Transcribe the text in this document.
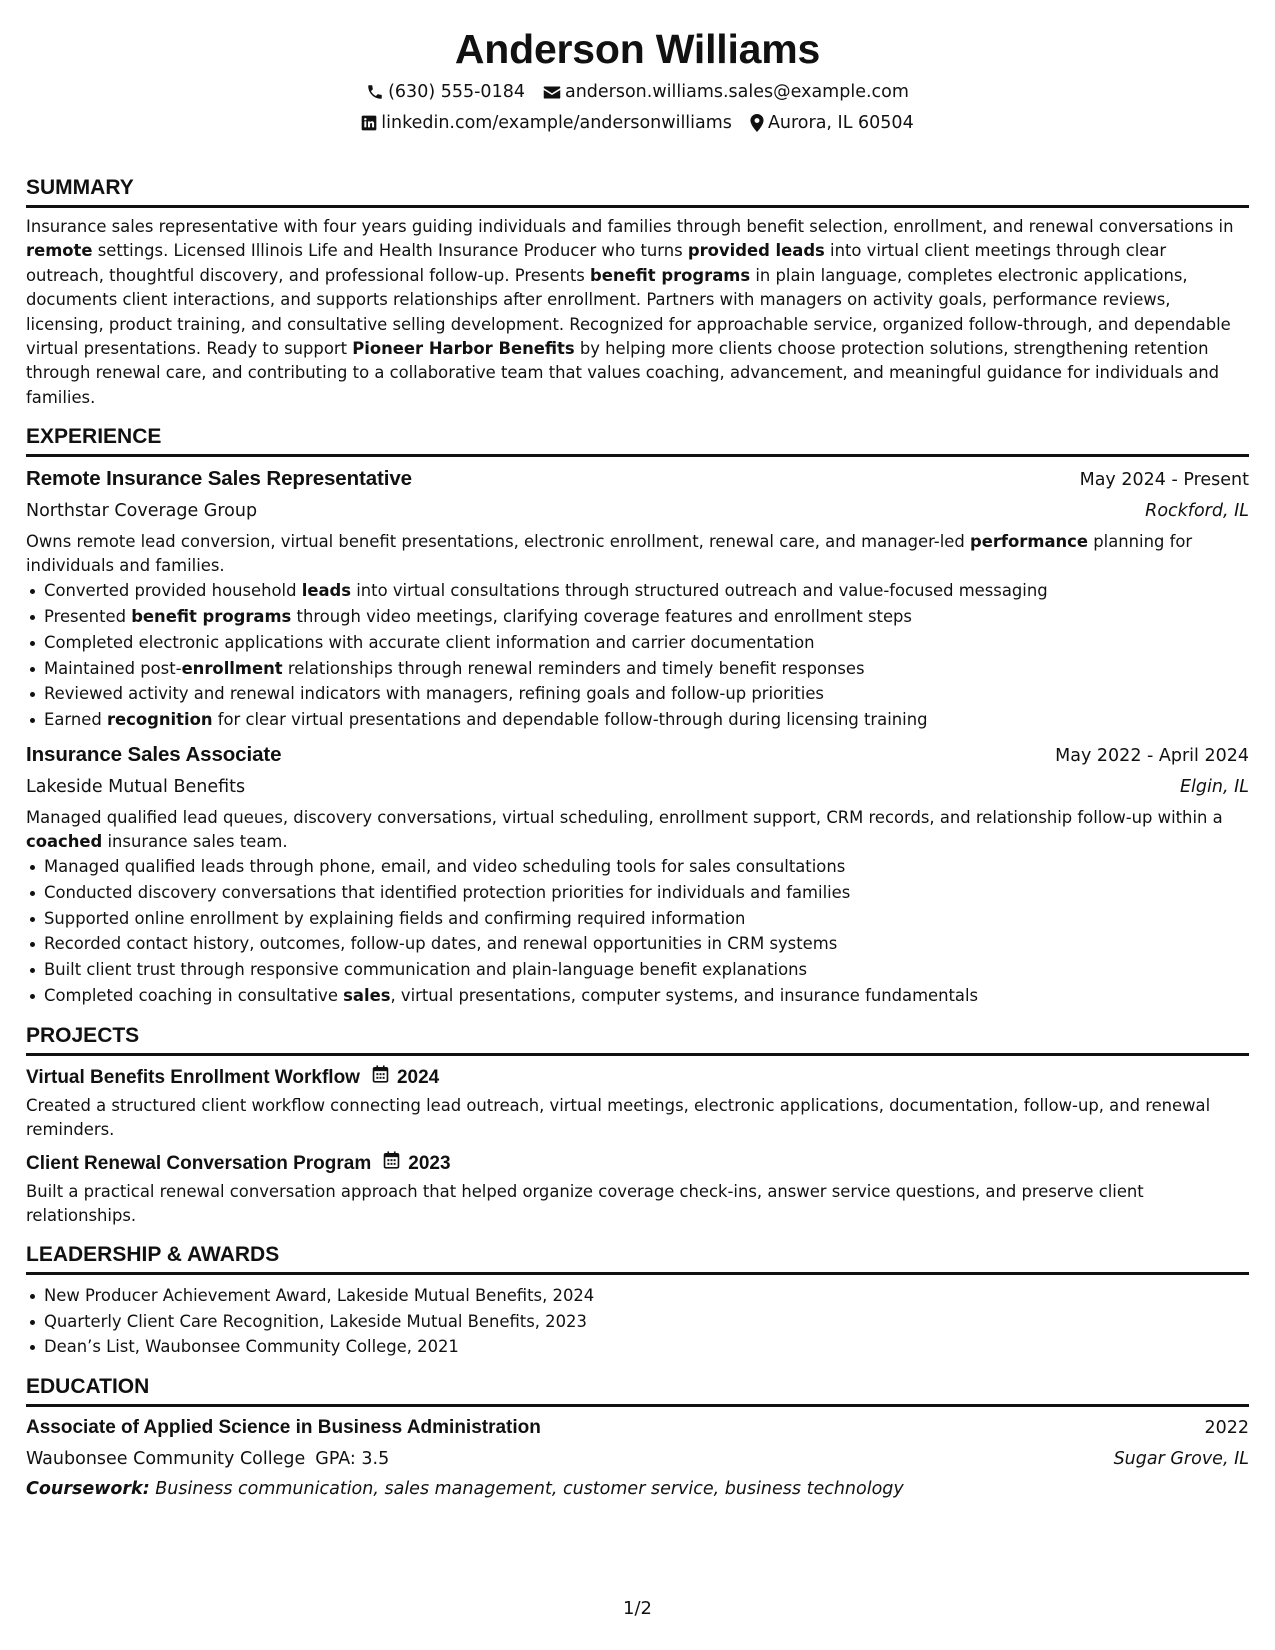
Anderson Williams
(630) 555-0184 anderson.williams.sales@example.com
linkedin.com/example/andersonwilliams Aurora, IL 60504
SUMMARY

Insurance sales representative with four years guiding individuals and families through benefit selection, enrollment, and renewal conversations in remote settings. Licensed Illinois Life and Health Insurance Producer who turns provided leads into virtual client meetings through clear outreach, thoughtful discovery, and professional follow-up. Presents benefit programs in plain language, completes electronic applications, documents client interactions, and supports relationships after enrollment. Partners with managers on activity goals, performance reviews, licensing, product training, and consultative selling development. Recognized for approachable service, organized follow-through, and dependable virtual presentations. Ready to support Pioneer Harbor Benefits by helping more clients choose protection solutions, strengthening retention through renewal care, and contributing to a collaborative team that values coaching, advancement, and meaningful guidance for individuals and families.

EXPERIENCE
Remote Insurance Sales Representative	May 2024 - Present
Northstar Coverage Group	Rockford, IL

Owns remote lead conversion, virtual benefit presentations, electronic enrollment, renewal care, and manager-led performance planning for individuals and families.

Converted provided household leads into virtual consultations through structured outreach and value-focused messaging
Presented benefit programs through video meetings, clarifying coverage features and enrollment steps
Completed electronic applications with accurate client information and carrier documentation
Maintained post-enrollment relationships through renewal reminders and timely benefit responses
Reviewed activity and renewal indicators with managers, refining goals and follow-up priorities
Earned recognition for clear virtual presentations and dependable follow-through during licensing training
Insurance Sales Associate	May 2022 - April 2024
Lakeside Mutual Benefits	Elgin, IL

Managed qualified lead queues, discovery conversations, virtual scheduling, enrollment support, CRM records, and relationship follow-up within a coached insurance sales team.

Managed qualified leads through phone, email, and video scheduling tools for sales consultations
Conducted discovery conversations that identified protection priorities for individuals and families
Supported online enrollment by explaining fields and confirming required information
Recorded contact history, outcomes, follow-up dates, and renewal opportunities in CRM systems
Built client trust through responsive communication and plain-language benefit explanations
Completed coaching in consultative sales, virtual presentations, computer systems, and insurance fundamentals
PROJECTS
Virtual Benefits Enrollment Workflow 2024

Created a structured client workflow connecting lead outreach, virtual meetings, electronic applications, documentation, follow-up, and renewal reminders.

Client Renewal Conversation Program 2023

Built a practical renewal conversation approach that helped organize coverage check-ins, answer service questions, and preserve client relationships.

LEADERSHIP & AWARDS
New Producer Achievement Award, Lakeside Mutual Benefits, 2024
Quarterly Client Care Recognition, Lakeside Mutual Benefits, 2023
Dean’s List, Waubonsee Community College, 2021
EDUCATION
Associate of Applied Science in Business Administration	2022
Waubonsee Community College GPA: 3.5	Sugar Grove, IL
Coursework: Business communication, sales management, customer service, business technology
1/2
